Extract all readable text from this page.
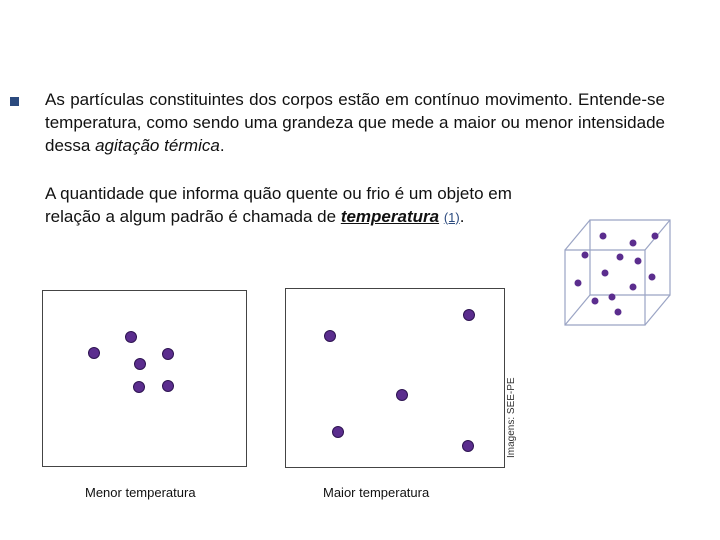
As partículas constituintes dos corpos estão em contínuo movimento. Entende-se temperatura, como sendo uma grandeza que mede a maior ou menor intensidade dessa agitação térmica.
A quantidade que informa quão quente ou frio é um objeto em relação a algum padrão é chamada de temperatura (1).
Imagens: SEE-PE
Menor temperatura	Maior temperatura
